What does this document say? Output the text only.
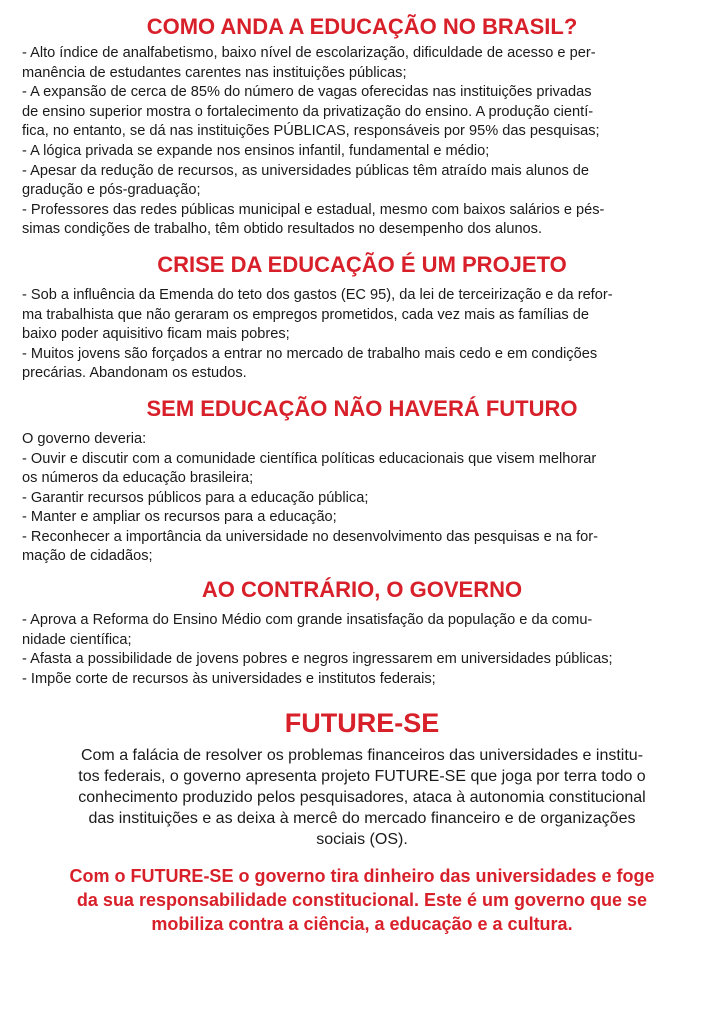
COMO ANDA A EDUCAÇÃO NO BRASIL?
- Alto índice de analfabetismo, baixo nível de escolarização, dificuldade de acesso e per-
manência de estudantes carentes nas instituições públicas;
- A expansão de cerca de 85% do número de vagas oferecidas nas instituições privadas
de ensino superior mostra o fortalecimento da privatização do ensino. A produção cientí-
fica, no entanto, se dá nas instituições PÚBLICAS, responsáveis por 95% das pesquisas;
- A lógica privada se expande nos ensinos infantil, fundamental e médio;
- Apesar da redução de recursos, as universidades públicas têm atraído mais alunos de
gradução e pós-graduação;
- Professores das redes públicas municipal e estadual, mesmo com baixos salários e pés-
simas condições de trabalho, têm obtido resultados no desempenho dos alunos.
CRISE DA EDUCAÇÃO É UM PROJETO
- Sob a influência da Emenda do teto dos gastos (EC 95), da lei de terceirização e da refor-
ma trabalhista que não geraram os empregos prometidos, cada vez mais as famílias de
baixo poder aquisitivo ficam mais pobres;
- Muitos jovens são forçados a entrar no mercado de trabalho mais cedo e em condições
precárias. Abandonam os estudos.
SEM EDUCAÇÃO NÃO HAVERÁ FUTURO
O governo deveria:
- Ouvir e discutir com a comunidade científica políticas educacionais que visem melhorar
os números da educação brasileira;
- Garantir recursos públicos para a educação pública;
- Manter e ampliar os recursos para a educação;
- Reconhecer a importância da universidade no desenvolvimento das pesquisas e na for-
mação de cidadãos;
AO CONTRÁRIO, O GOVERNO
- Aprova a Reforma do Ensino Médio com grande insatisfação da população e da comu-
nidade científica;
- Afasta a possibilidade de jovens pobres e negros ingressarem em universidades públicas;
- Impõe corte de recursos às universidades e institutos federais;
FUTURE-SE
Com a falácia de resolver os problemas financeiros das universidades e institu-
tos federais, o governo apresenta projeto FUTURE-SE que joga por terra todo o
conhecimento produzido pelos pesquisadores, ataca à autonomia constitucional
das instituições e as deixa à mercê do mercado financeiro e de organizações
sociais (OS).
Com o FUTURE-SE o governo tira dinheiro das universidades e foge
da sua responsabilidade constitucional. Este é um governo que se
mobiliza contra a ciência, a educação e a cultura.
